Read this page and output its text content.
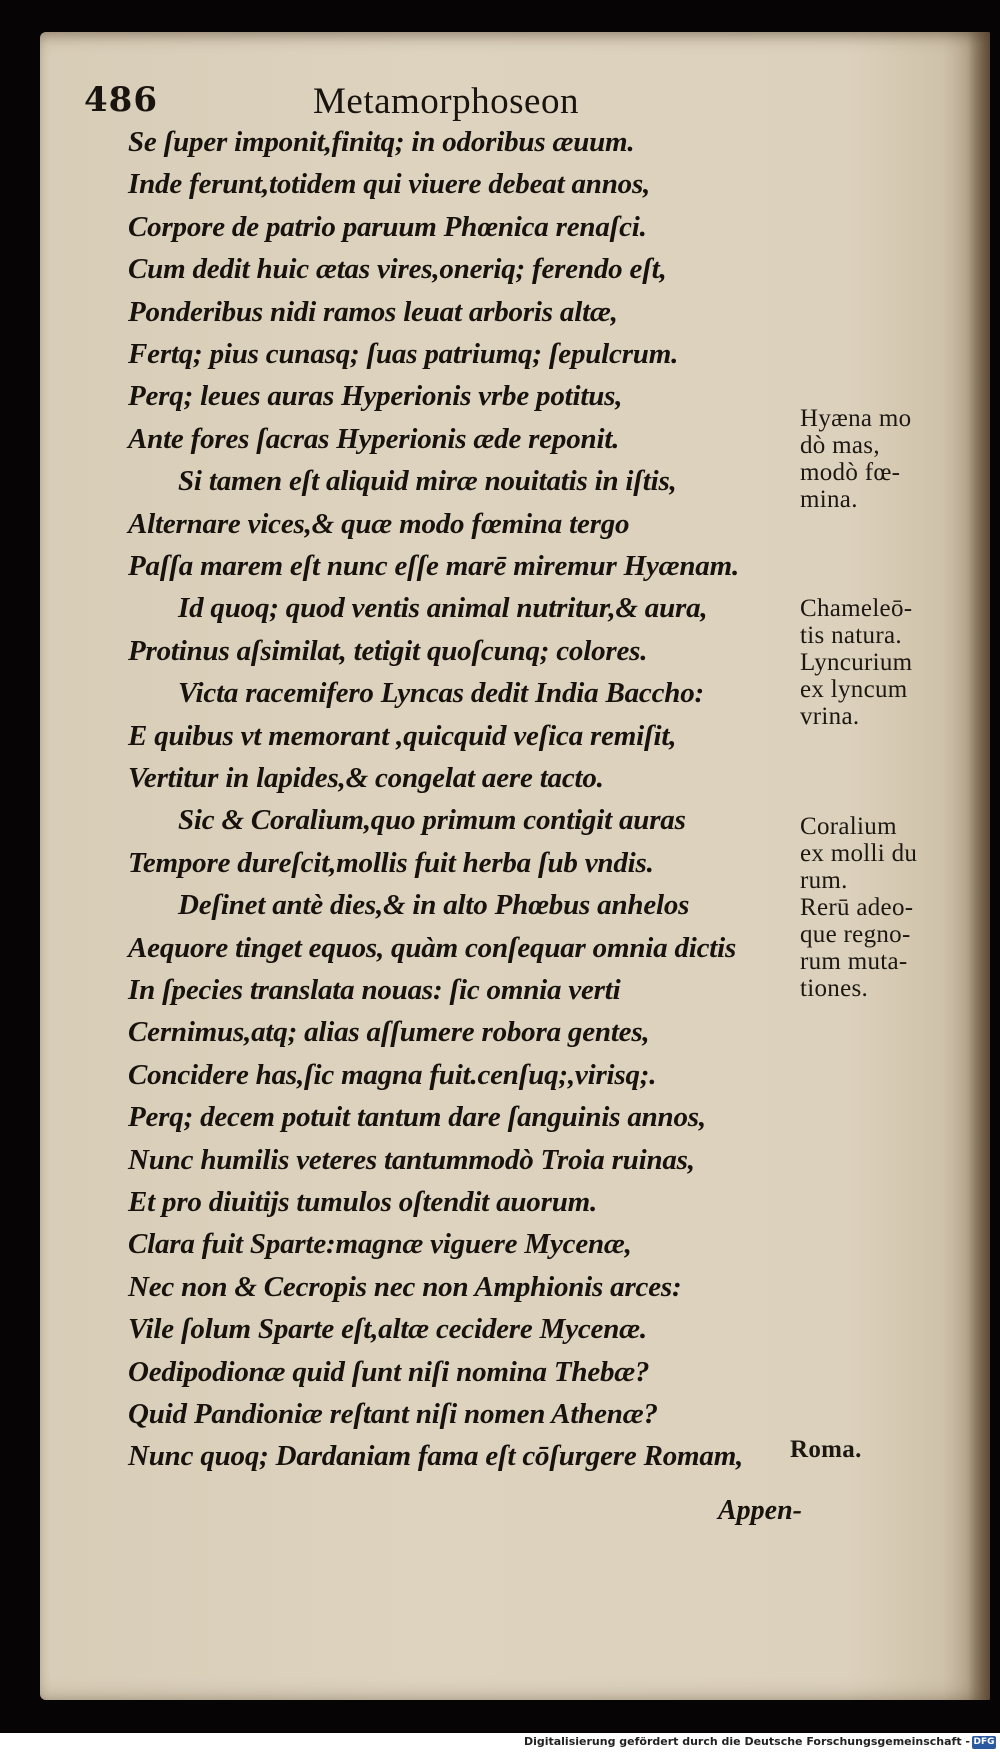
486	Metamorphoseon
Se ſuper imponit,finitq; in odoribus æuum.
Inde ferunt,totidem qui viuere debeat annos,
Corpore de patrio paruum Phœnica renaſci.
Cum dedit huic ætas vires,oneriq; ferendo eſt,
Ponderibus nidi ramos leuat arboris altæ,
Fertq; pius cunasq; ſuas patriumq; ſepulcrum.
Perq; leues auras Hyperionis vrbe potitus,
Ante fores ſacras Hyperionis æde reponit.
Si tamen eſt aliquid miræ nouitatis in iſtis,
Alternare vices,& quæ modo fœmina tergo
Paſſa marem eſt nunc eſſe marē miremur Hyænam.
Id quoq; quod ventis animal nutritur,& aura,
Protinus aſsimilat, tetigit quoſcunq; colores.
Victa racemifero Lyncas dedit India Baccho:
E quibus vt memorant ,quicquid veſica remiſit,
Vertitur in lapides,& congelat aere tacto.
Sic & Coralium,quo primum contigit auras
Tempore dureſcit,mollis fuit herba ſub vndis.
Deſinet antè dies,& in alto Phœbus anhelos
Aequore tinget equos, quàm conſequar omnia dictis
In ſpecies translata nouas: ſic omnia verti
Cernimus,atq; alias aſſumere robora gentes,
Concidere has,ſic magna fuit.cenſuq;,virisq;.
Perq; decem potuit tantum dare ſanguinis annos,
Nunc humilis veteres tantummodò Troia ruinas,
Et pro diuitijs tumulos oſtendit auorum.
Clara fuit Sparte:magnæ viguere Mycenæ,
Nec non & Cecropis nec non Amphionis arces:
Vile ſolum Sparte eſt,altæ cecidere Mycenæ.
Oedipodionæ quid ſunt niſi nomina Thebæ?
Quid Pandioniæ reſtant niſi nomen Athenæ?
Nunc quoq; Dardaniam fama eſt cōſurgere Romam,
Hyæna mo
dò mas,
modò fœ-
mina.
Chameleō-
tis natura.
Lyncurium
ex lyncum
vrina.
Coralium
ex molli du
rum.
Rerū adeo-
que regno-
rum muta-
tiones.
Roma.
Appen-
Digitalisierung gefördert durch die Deutsche Forschungsgemeinschaft - DFG
